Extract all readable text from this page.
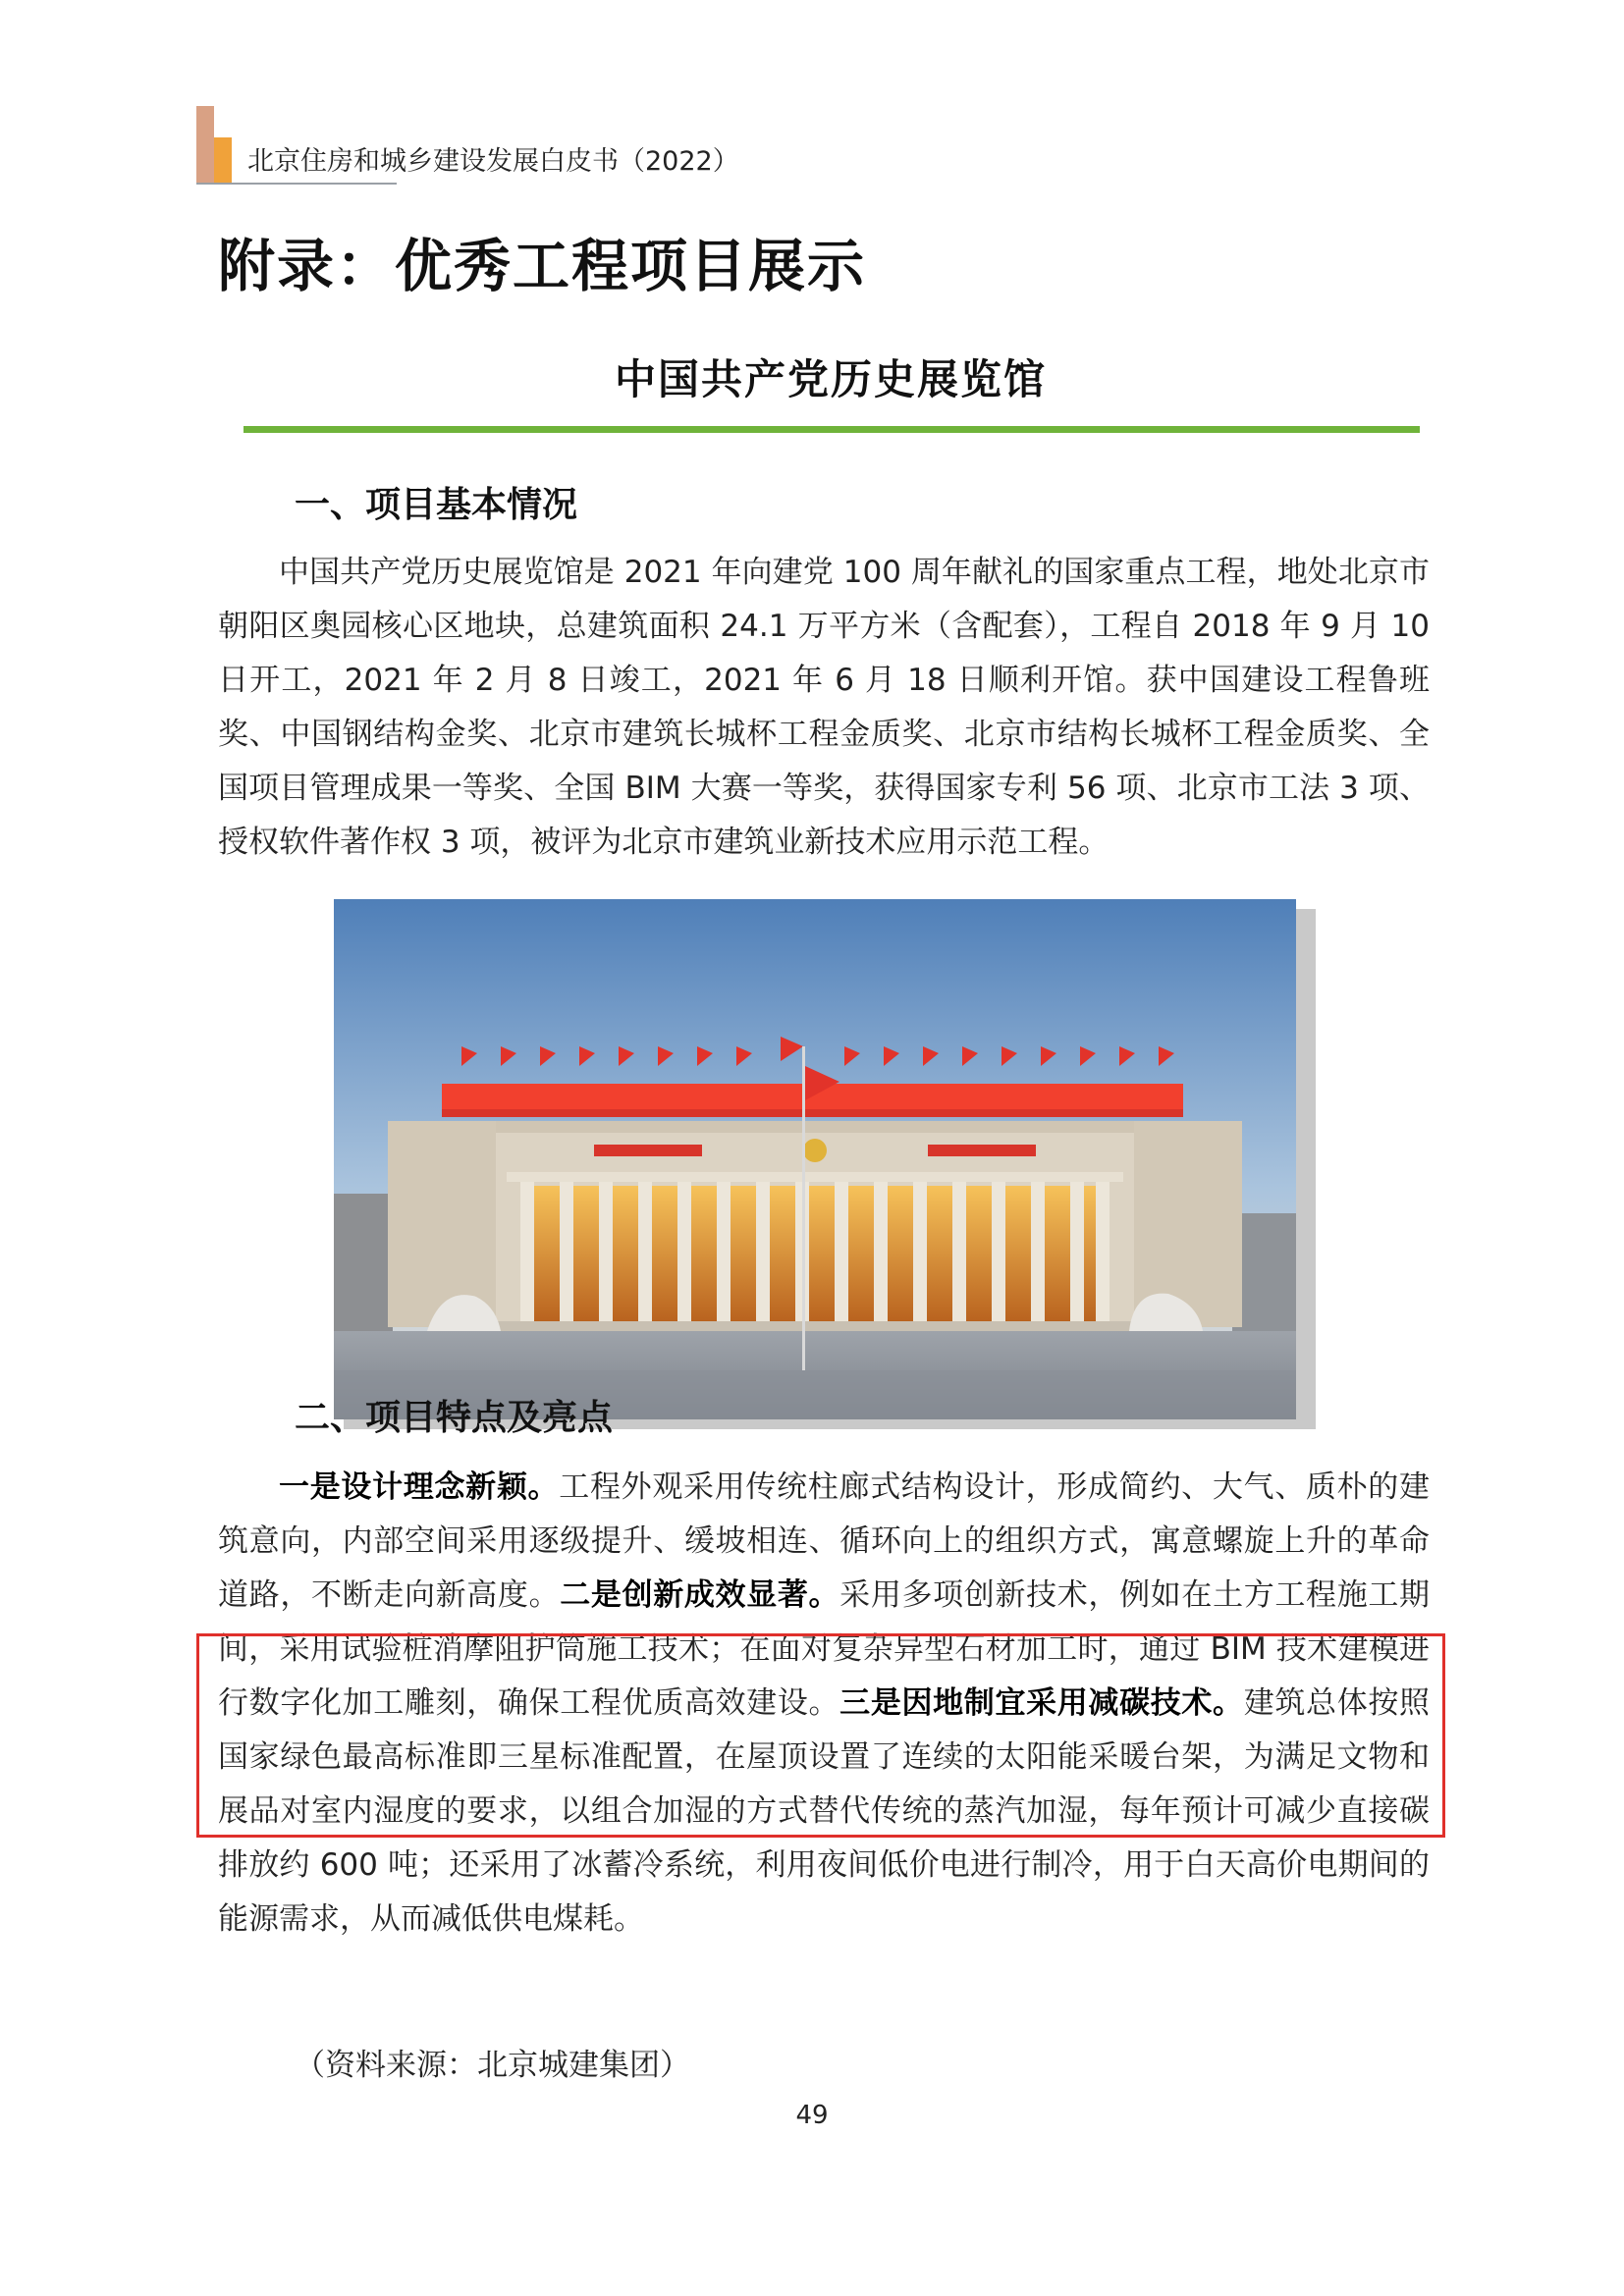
北京住房和城乡建设发展白皮书（2022）
附录：优秀工程项目展示
中国共产党历史展览馆
一、项目基本情况

中国共产党历史展览馆是 2021 年向建党 100 周年献礼的国家重点工程，地处北京市朝阳区奥园核心区地块，总建筑面积 24.1 万平方米（含配套），工程自 2018 年 9 月 10 日开工，2021 年 2 月 8 日竣工，2021 年 6 月 18 日顺利开馆。获中国建设工程鲁班奖、中国钢结构金奖、北京市建筑长城杯工程金质奖、北京市结构长城杯工程金质奖、全国项目管理成果一等奖、全国 BIM 大赛一等奖，获得国家专利 56 项、北京市工法 3 项、授权软件著作权 3 项，被评为北京市建筑业新技术应用示范工程。

二、项目特点及亮点

一是设计理念新颖。工程外观采用传统柱廊式结构设计，形成简约、大气、质朴的建筑意向，内部空间采用逐级提升、缓坡相连、循环向上的组织方式，寓意螺旋上升的革命道路，不断走向新高度。二是创新成效显著。采用多项创新技术，例如在土方工程施工期间，采用试验桩消摩阻护筒施工技术；在面对复杂异型石材加工时，通过 BIM 技术建模进行数字化加工雕刻，确保工程优质高效建设。三是因地制宜采用减碳技术。建筑总体按照国家绿色最高标准即三星标准配置，在屋顶设置了连续的太阳能采暖台架，为满足文物和展品对室内湿度的要求，以组合加湿的方式替代传统的蒸汽加湿，每年预计可减少直接碳排放约 600 吨；还采用了冰蓄冷系统，利用夜间低价电进行制冷，用于白天高价电期间的能源需求，从而减低供电煤耗。

（资料来源：北京城建集团）
49
